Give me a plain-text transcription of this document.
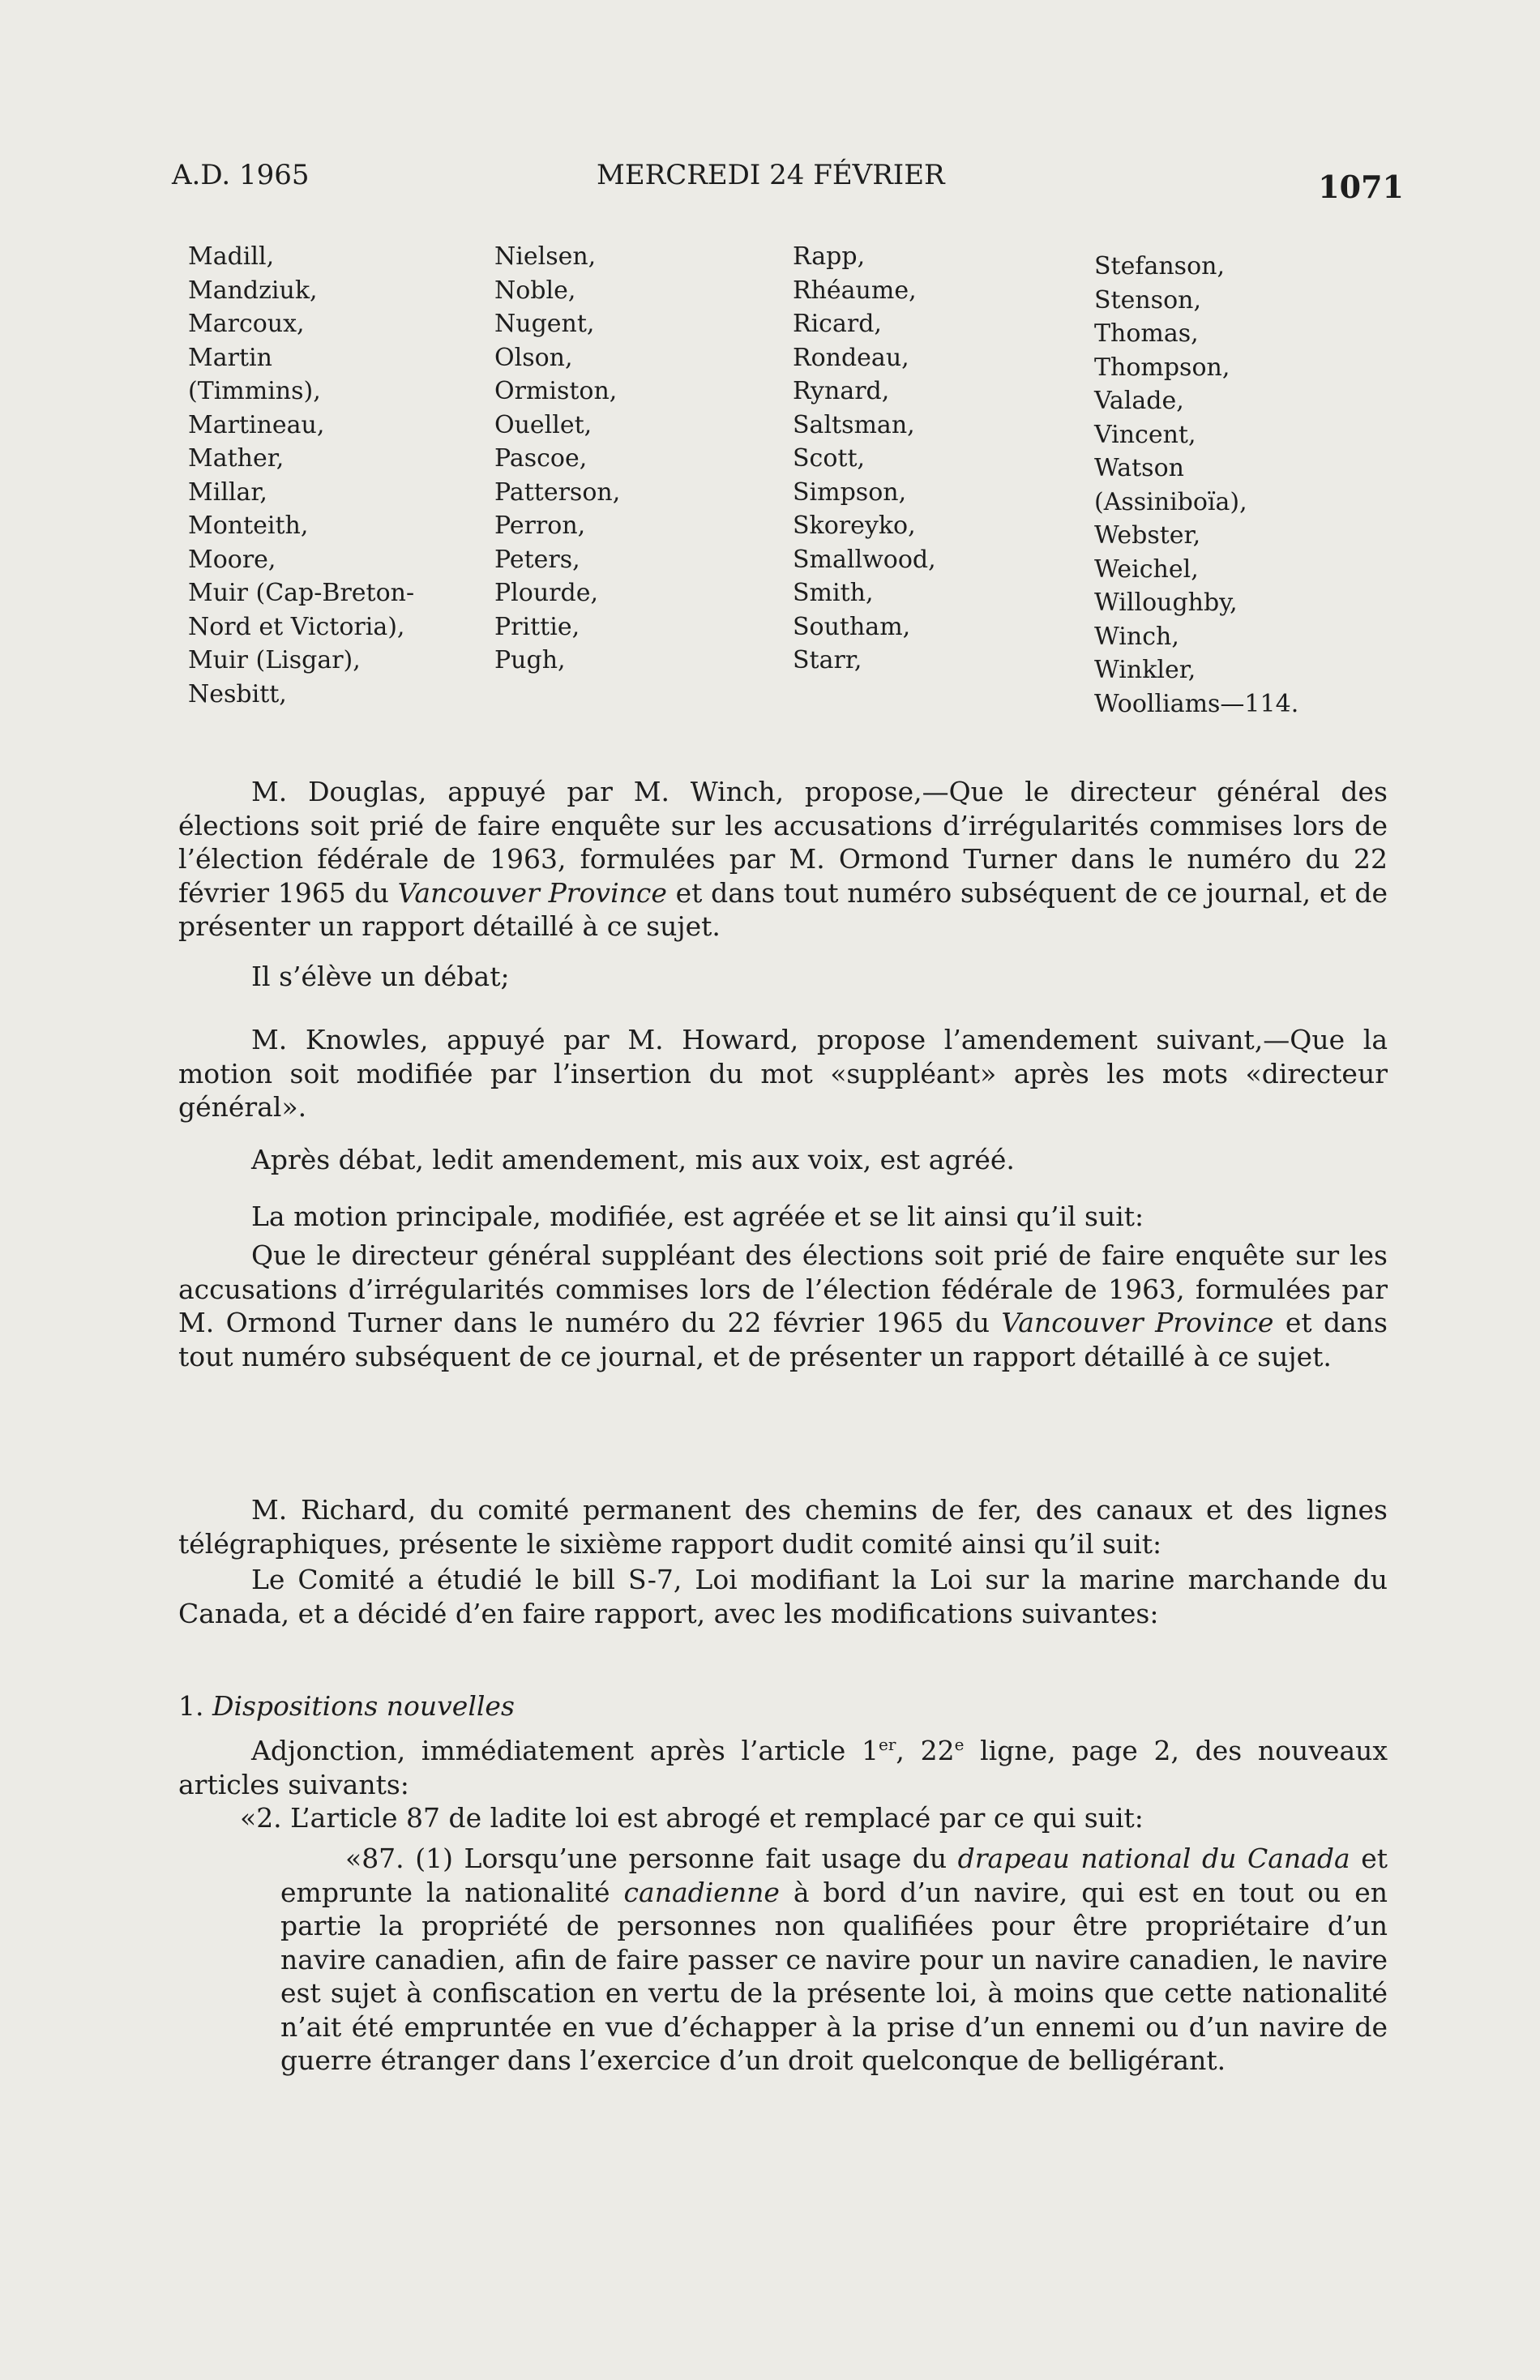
A.D. 1965	MERCREDI 24 FÉVRIER	1071
Madill,
Mandziuk,
Marcoux,
Martin
(Timmins),
Martineau,
Mather,
Millar,
Monteith,
Moore,
Muir (Cap-Breton-
Nord et Victoria),
Muir (Lisgar),
Nesbitt,
Nielsen,
Noble,
Nugent,
Olson,
Ormiston,
Ouellet,
Pascoe,
Patterson,
Perron,
Peters,
Plourde,
Prittie,
Pugh,
Rapp,
Rhéaume,
Ricard,
Rondeau,
Rynard,
Saltsman,
Scott,
Simpson,
Skoreyko,
Smallwood,
Smith,
Southam,
Starr,
Stefanson,
Stenson,
Thomas,
Thompson,
Valade,
Vincent,
Watson
(Assiniboïa),
Webster,
Weichel,
Willoughby,
Winch,
Winkler,
Woolliams—114.
M. Douglas, appuyé par M. Winch, propose,—Que le directeur général des élections soit prié de faire enquête sur les accusations d’irrégularités commises lors de l’élection fédérale de 1963, formulées par M. Ormond Turner dans le numéro du 22 février 1965 du Vancouver Province et dans tout numéro subséquent de ce journal, et de présenter un rapport détaillé à ce sujet.
Il s’élève un débat;
M. Knowles, appuyé par M. Howard, propose l’amendement suivant,—Que la motion soit modifiée par l’insertion du mot «suppléant» après les mots «directeur général».
Après débat, ledit amendement, mis aux voix, est agréé.
La motion principale, modifiée, est agréée et se lit ainsi qu’il suit:
Que le directeur général suppléant des élections soit prié de faire enquête sur les accusations d’irrégularités commises lors de l’élection fédérale de 1963, formulées par M. Ormond Turner dans le numéro du 22 février 1965 du Vancouver Province et dans tout numéro subséquent de ce journal, et de présenter un rapport détaillé à ce sujet.
M. Richard, du comité permanent des chemins de fer, des canaux et des lignes télégraphiques, présente le sixième rapport dudit comité ainsi qu’il suit:
Le Comité a étudié le bill S-7, Loi modifiant la Loi sur la marine marchande du Canada, et a décidé d’en faire rapport, avec les modifications suivantes:
1. Dispositions nouvelles
Adjonction, immédiatement après l’article 1er, 22e ligne, page 2, des nouveaux articles suivants:
«2. L’article 87 de ladite loi est abrogé et remplacé par ce qui suit:
«87. (1) Lorsqu’une personne fait usage du drapeau national du Canada et emprunte la nationalité canadienne à bord d’un navire, qui est en tout ou en partie la propriété de personnes non qualifiées pour être propriétaire d’un navire canadien, afin de faire passer ce navire pour un navire canadien, le navire est sujet à confiscation en vertu de la présente loi, à moins que cette nationalité n’ait été empruntée en vue d’échapper à la prise d’un ennemi ou d’un navire de guerre étranger dans l’exercice d’un droit quelconque de belligérant.
